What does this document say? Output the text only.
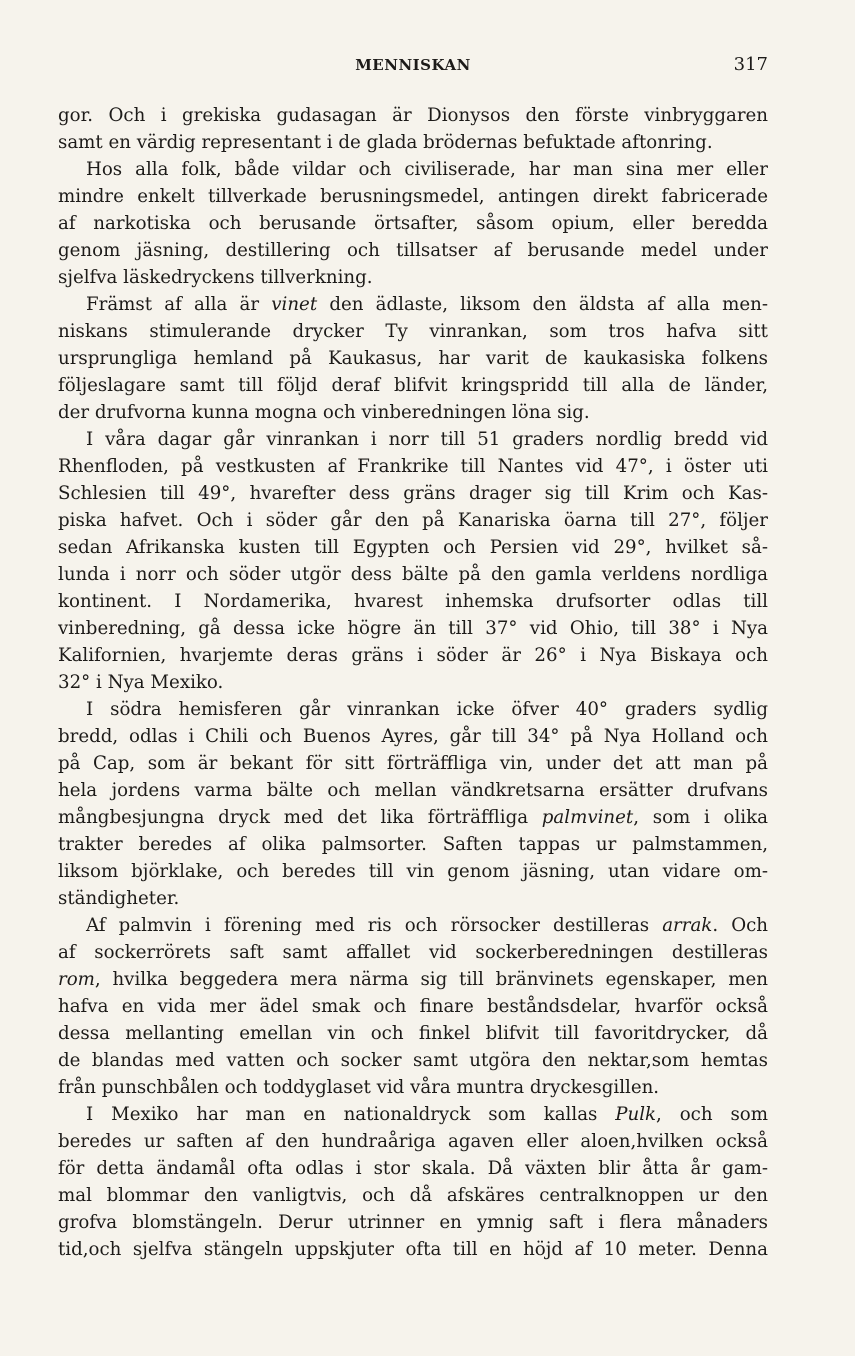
MENNISKAN	317
gor. Och i grekiska gudasagan är Dionysos den förste vinbryggaren
samt en värdig representant i de glada brödernas befuktade aftonring.
Hos alla folk, både vildar och civiliserade, har man sina mer eller
mindre enkelt tillverkade berusningsmedel, antingen direkt fabricerade
af narkotiska och berusande örtsafter, såsom opium, eller beredda
genom jäsning, destillering och tillsatser af berusande medel under
sjelfva läskedryckens tillverkning.
Främst af alla är vinet den ädlaste, liksom den äldsta af alla men-
niskans stimulerande drycker Ty vinrankan, som tros hafva sitt
ursprungliga hemland på Kaukasus, har varit de kaukasiska folkens
följeslagare samt till följd deraf blifvit kringspridd till alla de länder,
der drufvorna kunna mogna och vinberedningen löna sig.
I våra dagar går vinrankan i norr till 51 graders nordlig bredd vid
Rhenfloden, på vestkusten af Frankrike till Nantes vid 47°, i öster uti
Schlesien till 49°, hvarefter dess gräns drager sig till Krim och Kas-
piska hafvet. Och i söder går den på Kanariska öarna till 27°, följer
sedan Afrikanska kusten till Egypten och Persien vid 29°, hvilket så-
lunda i norr och söder utgör dess bälte på den gamla verldens nordliga
kontinent. I Nordamerika, hvarest inhemska drufsorter odlas till
vinberedning, gå dessa icke högre än till 37° vid Ohio, till 38° i Nya
Kalifornien, hvarjemte deras gräns i söder är 26° i Nya Biskaya och
32° i Nya Mexiko.
I södra hemisferen går vinrankan icke öfver 40° graders sydlig
bredd, odlas i Chili och Buenos Ayres, går till 34° på Nya Holland och
på Cap, som är bekant för sitt förträffliga vin, under det att man på
hela jordens varma bälte och mellan vändkretsarna ersätter drufvans
mångbesjungna dryck med det lika förträffliga palmvinet, som i olika
trakter beredes af olika palmsorter. Saften tappas ur palmstammen,
liksom björklake, och beredes till vin genom jäsning, utan vidare om-
ständigheter.
Af palmvin i förening med ris och rörsocker destilleras arrak. Och
af sockerrörets saft samt affallet vid sockerberedningen destilleras
rom, hvilka beggedera mera närma sig till bränvinets egenskaper, men
hafva en vida mer ädel smak och finare beståndsdelar, hvarför också
dessa mellanting emellan vin och finkel blifvit till favoritdrycker, då
de blandas med vatten och socker samt utgöra den nektar,som hemtas
från punschbålen och toddyglaset vid våra muntra dryckesgillen.
I Mexiko har man en nationaldryck som kallas Pulk, och som
beredes ur saften af den hundraåriga agaven eller aloen,hvilken också
för detta ändamål ofta odlas i stor skala. Då växten blir åtta år gam-
mal blommar den vanligtvis, och då afskäres centralknoppen ur den
grofva blomstängeln. Derur utrinner en ymnig saft i flera månaders
tid,och sjelfva stängeln uppskjuter ofta till en höjd af 10 meter. Denna
